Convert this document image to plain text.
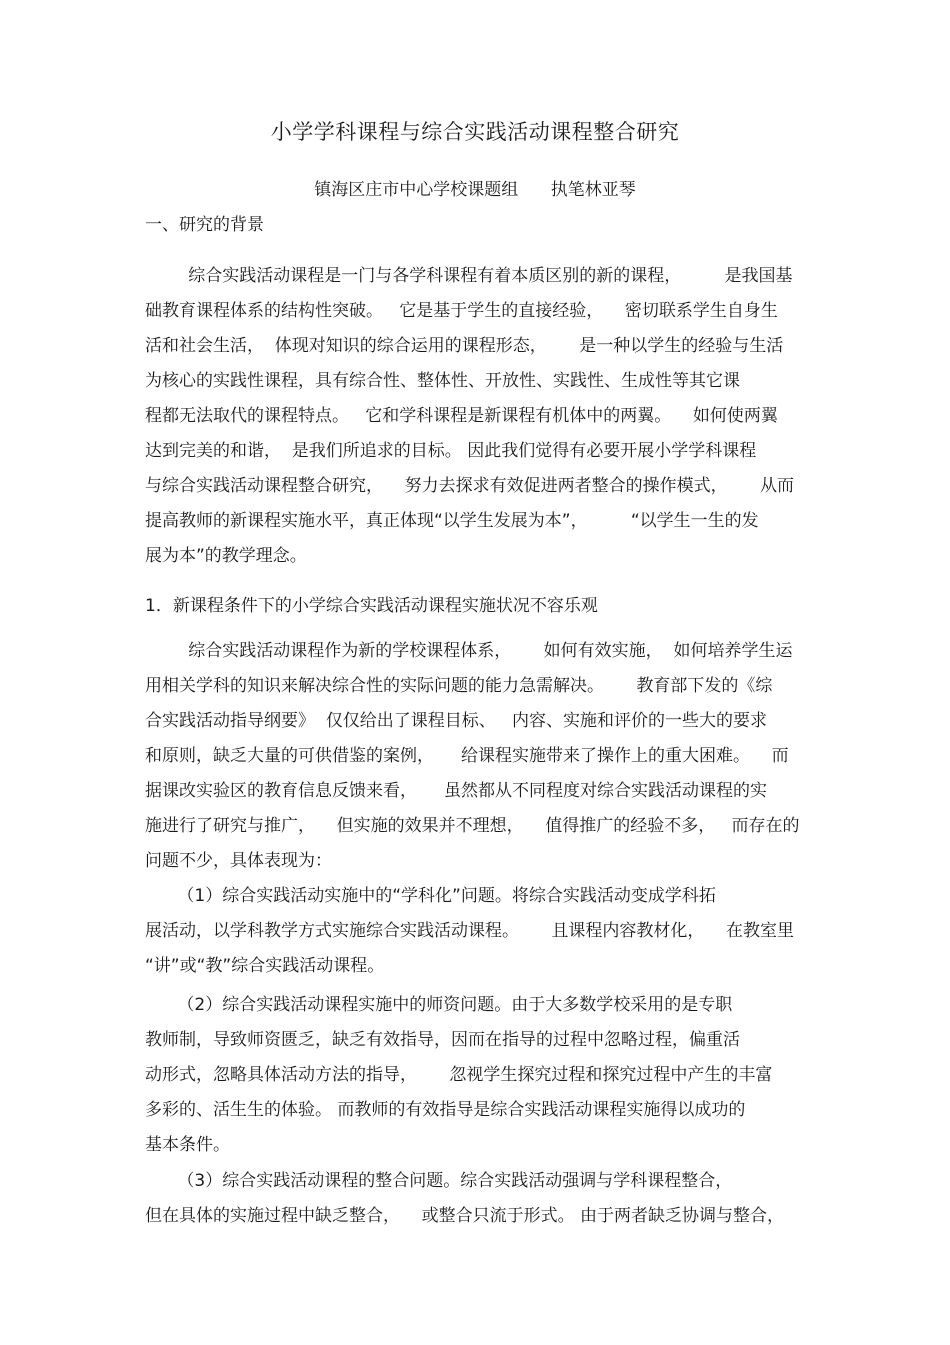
小学学科课程与综合实践活动课程整合研究
镇海区庄市中心学校课题组      执笔林亚琴
一、研究的背景
综合实践活动课程是一门与各学科课程有着本质区别的新的课程，        是我国基
础教育课程体系的结构性突破。   它是基于学生的直接经验，    密切联系学生自身生
活和社会生活，  体现对知识的综合运用的课程形态，      是一种以学生的经验与生活
为核心的实践性课程，具有综合性、整体性、开放性、实践性、生成性等其它课
程都无法取代的课程特点。   它和学科课程是新课程有机体中的两翼。    如何使两翼
达到完美的和谐，  是我们所追求的目标。 因此我们觉得有必要开展小学学科课程
与综合实践活动课程整合研究，    努力去探求有效促进两者整合的操作模式，      从而
提高教师的新课程实施水平，真正体现“以学生发展为本”，        “以学生一生的发
展为本”的教学理念。
1．新课程条件下的小学综合实践活动课程实施状况不容乐观
综合实践活动课程作为新的学校课程体系，      如何有效实施，  如何培养学生运
用相关学科的知识来解决综合性的实际问题的能力急需解决。      教育部下发的《综
合实践活动指导纲要》  仅仅给出了课程目标、   内容、实施和评价的一些大的要求
和原则，缺乏大量的可供借鉴的案例，     给课程实施带来了操作上的重大困难。    而
据课改实验区的教育信息反馈来看，     虽然都从不同程度对综合实践活动课程的实
施进行了研究与推广，    但实施的效果并不理想，    值得推广的经验不多，   而存在的
问题不少，具体表现为：
（1）综合实践活动实施中的“学科化”问题。将综合实践活动变成学科拓
展活动，以学科教学方式实施综合实践活动课程。      且课程内容教材化，    在教室里
“讲”或“教”综合实践活动课程。
（2）综合实践活动课程实施中的师资问题。由于大多数学校采用的是专职
教师制，导致师资匮乏，缺乏有效指导，因而在指导的过程中忽略过程，偏重活
动形式，忽略具体活动方法的指导，      忽视学生探究过程和探究过程中产生的丰富
多彩的、活生生的体验。 而教师的有效指导是综合实践活动课程实施得以成功的
基本条件。
（3）综合实践活动课程的整合问题。综合实践活动强调与学科课程整合，
但在具体的实施过程中缺乏整合，    或整合只流于形式。 由于两者缺乏协调与整合，
